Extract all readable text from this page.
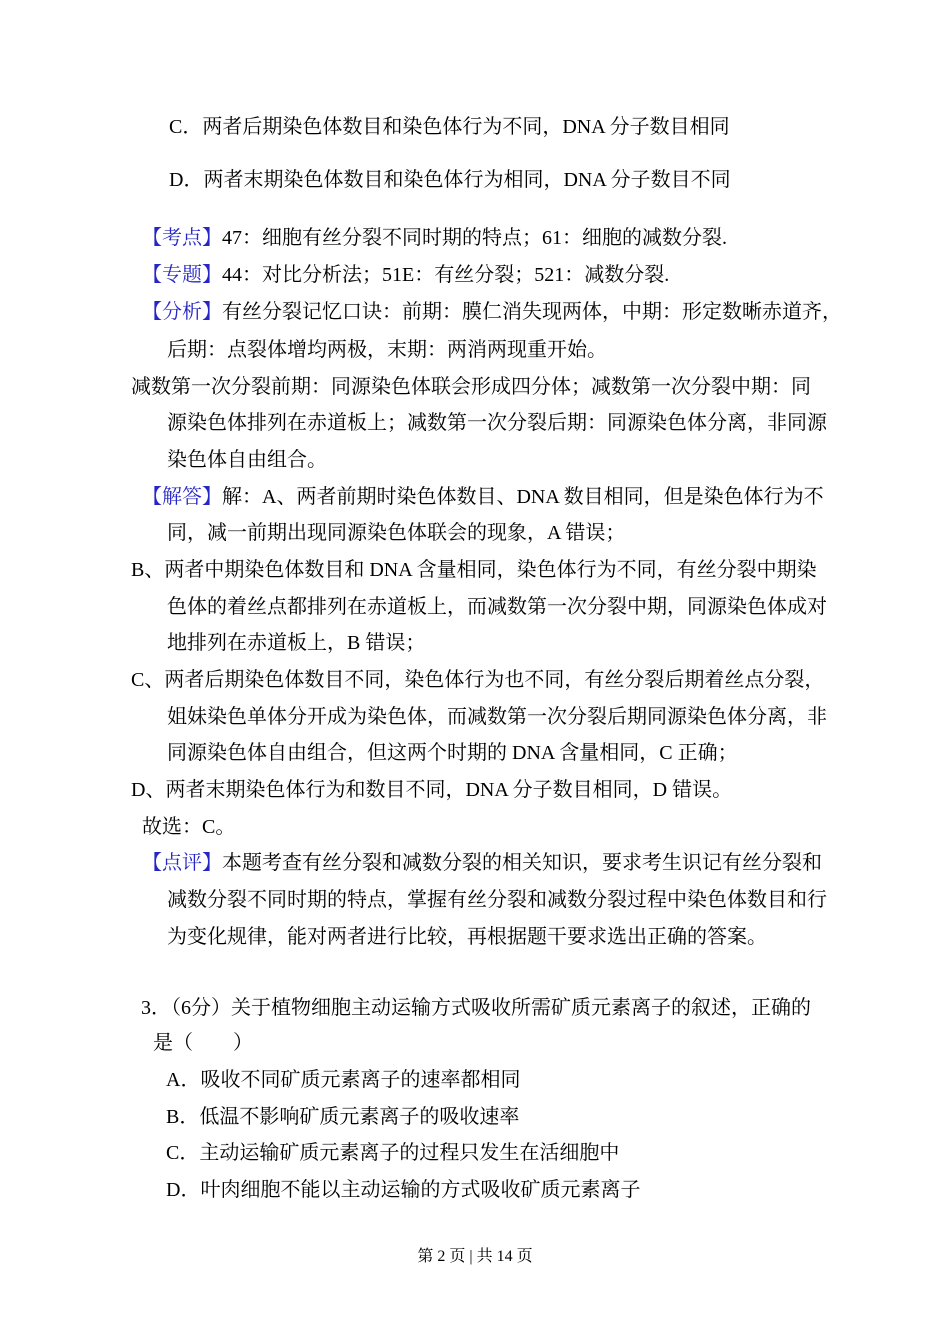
C．两者后期染色体数目和染色体行为不同，DNA 分子数目相同
D．两者末期染色体数目和染色体行为相同，DNA 分子数目不同
【考点】47：细胞有丝分裂不同时期的特点；61：细胞的减数分裂.
【专题】44：对比分析法；51E：有丝分裂；521：减数分裂.
【分析】有丝分裂记忆口诀：前期：膜仁消失现两体，中期：形定数晰赤道齐，
后期：点裂体增均两极，末期：两消两现重开始。
减数第一次分裂前期：同源染色体联会形成四分体；减数第一次分裂中期：同
源染色体排列在赤道板上；减数第一次分裂后期：同源染色体分离，非同源
染色体自由组合。
【解答】解：A、两者前期时染色体数目、DNA 数目相同，但是染色体行为不
同，减一前期出现同源染色体联会的现象，A 错误；
B、两者中期染色体数目和 DNA 含量相同，染色体行为不同，有丝分裂中期染
色体的着丝点都排列在赤道板上，而减数第一次分裂中期，同源染色体成对
地排列在赤道板上，B 错误；
C、两者后期染色体数目不同，染色体行为也不同，有丝分裂后期着丝点分裂，
姐妹染色单体分开成为染色体，而减数第一次分裂后期同源染色体分离，非
同源染色体自由组合，但这两个时期的 DNA 含量相同，C 正确；
D、两者末期染色体行为和数目不同，DNA 分子数目相同，D 错误。
故选：C。
【点评】本题考查有丝分裂和减数分裂的相关知识，要求考生识记有丝分裂和
减数分裂不同时期的特点，掌握有丝分裂和减数分裂过程中染色体数目和行
为变化规律，能对两者进行比较，再根据题干要求选出正确的答案。
3．（6分）关于植物细胞主动运输方式吸收所需矿质元素离子的叙述，正确的
是（　　）
A．吸收不同矿质元素离子的速率都相同
B．低温不影响矿质元素离子的吸收速率
C．主动运输矿质元素离子的过程只发生在活细胞中
D．叶肉细胞不能以主动运输的方式吸收矿质元素离子
第 2 页 | 共 14 页
